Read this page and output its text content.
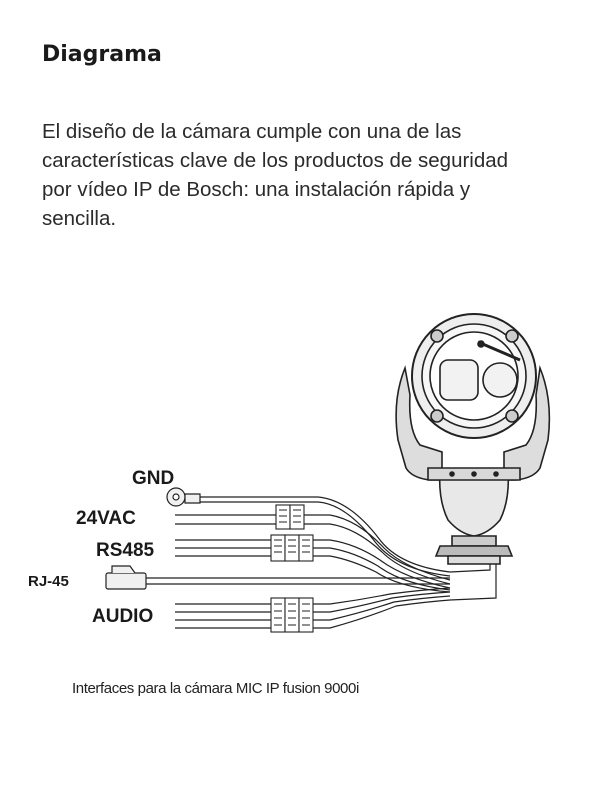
Diagrama

El diseño de la cámara cumple con una de las
características clave de los productos de seguridad
por vídeo IP de Bosch: una instalación rápida y
sencilla.

GND
24VAC
RS485
RJ-45
AUDIO

Interfaces para la cámara MIC IP fusion 9000i
